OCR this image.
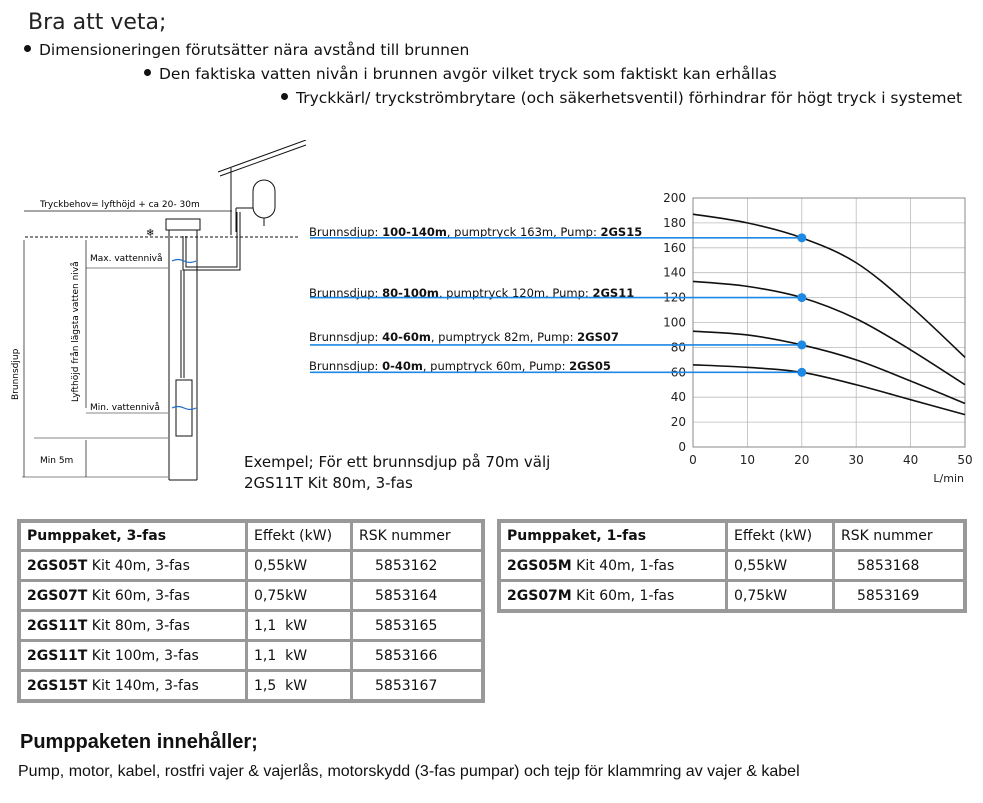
Bra att veta;
Dimensioneringen förutsätter nära avstånd till brunnen
Den faktiska vatten nivån i brunnen avgör vilket tryck som faktiskt kan erhållas
Tryckkärl/ tryckströmbrytare (och säkerhetsventil) förhindrar för högt tryck i systemet
Tryckbehov= lyfthöjd + ca 20- 30m
❄
Max. vattennivå
Min. vattennivå
Lyfthöjd från lägsta vatten nivå
Brunnsdjup
Min 5m
Brunnsdjup: 100-140m, pumptryck 163m, Pump: 2GS15
Brunnsdjup: 80-100m, pumptryck 120m, Pump: 2GS11
Brunnsdjup: 40-60m, pumptryck 82m, Pump: 2GS07
Brunnsdjup: 0-40m, pumptryck 60m, Pump: 2GS05
0
20
40
60
80
100
120
140
160
180
200
0	10	20	30	40	50
L/min
Exempel; För ett brunnsdjup på 70m välj
2GS11T Kit 80m, 3-fas
Pumppaket, 3-fas	Effekt (kW)	RSK nummer
2GS05T Kit 40m, 3-fas	0,55kW	5853162
2GS07T Kit 60m, 3-fas	0,75kW	5853164
2GS11T Kit 80m, 3-fas	1,1  kW	5853165
2GS11T Kit 100m, 3-fas	1,1  kW	5853166
2GS15T Kit 140m, 3-fas	1,5  kW	5853167
Pumppaket, 1-fas	Effekt (kW)	RSK nummer
2GS05M Kit 40m, 1-fas	0,55kW	5853168
2GS07M Kit 60m, 1-fas	0,75kW	5853169
Pumppaketen innehåller;
Pump, motor, kabel, rostfri vajer & vajerlås, motorskydd (3-fas pumpar) och tejp för klammring av vajer & kabel
